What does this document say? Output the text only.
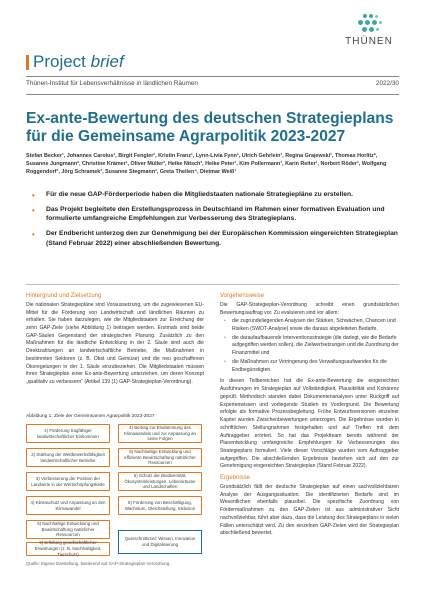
THÜNEN
Project brief
Thünen-Institut für Lebensverhältnisse in ländlichen Räumen	2022/30
Ex-ante-Bewertung des deutschen Strategieplans
für die Gemeinsame Agrarpolitik 2023-2027
Stefan Becker¹, Johannes Carolus¹, Birgit Fengler¹, Kristin Franz¹, Lynn-Livia Fynn¹, Ulrich Gehrlein¹, Regina Grajewski¹, Thomas Horlitz², Susanne Jungmann², Christine Krämer¹, Oliver Müller³, Heike Nitsch³, Heike Peter¹, Kim Pollermann¹, Karin Reiter¹, Norbert Röder¹, Wolfgang Roggendorf¹, Jörg Schramek³, Susanne Stegmann¹, Greta Theilen⁴, Dietmar Weiß¹
• Für die neue GAP-Förderperiode haben die Mitgliedstaaten nationale Strategiepläne zu erstellen.
• Das Projekt begleitete den Erstellungsprozess in Deutschland im Rahmen einer formativen Evaluation und formulierte umfangreiche Empfehlungen zur Verbesserung des Strategieplans.
• Der Endbericht unterzog den zur Genehmigung bei der Europäischen Kommission eingereichten Strategieplan (Stand Februar 2022) einer abschließenden Bewertung.
Hintergrund und Zielsetzung

Die nationalen Strategiepläne sind Voraussetzung, um die zugewiesenen EU-Mittel für die Förderung von Landwirtschaft und ländlichen Räumen zu erhalten. Sie haben darzulegen, wie die Mitgliedstaaten zur Erreichung der zehn GAP-Ziele (siehe Abbildung 1) beitragen werden. Erstmals sind beide GAP-Säulen Gegenstand der strategischen Planung. Zusätzlich zu den Maßnahmen für die ländliche Entwicklung in der 2. Säule sind auch die Direktzahlungen an landwirtschaftliche Betriebe, die Maßnahmen in bestimmten Sektoren (z. B. Obst und Gemüse) und die neu geschaffenen Ökoregelungen in der 1. Säule einzubeziehen. Die Mitgliedstaaten müssen ihren Strategieplan einer Ex-ante-Bewertung unterziehen, um deren Konzept „qualitativ zu verbessern“ (Artikel 139 (1) GAP-Strategieplan-Verordnung).

Abbildung 1: Ziele der Gemeinsamen Agrarpolitik 2023-2027
1) Förderung tragfähiger landwirtschaftlicher Einkommen
4) Beitrag zur Eindämmung des Klimawandels und zur Anpassung an seine Folgen
2) Stärkung der Wettbewerbsfähigkeit landwirtschaftlicher Betriebe
5) Nachhaltige Entwicklung und effiziente Bewirtschaftung natürlicher Ressourcen
3) Verbesserung der Position der Landwirte in der Wertschöpfungskette
6) Schutz der Biodiversität, Ökosystemleistungen, Lebensräume und Landschaften
4) Klimaschutz und Anpassung an den Klimawandel
8) Förderung von Beschäftigung, Wachstum, Gleichstellung, Inklusion
5) Nachhaltige Entwicklung und Bewirtschaftung natürlicher Ressourcen
9) Erfüllung gesellschaftlicher Erwartungen (z. B. Nachhaltigkeit, Tierschutz)
Querschnittsziel: Wissen, Innovation und Digitalisierung
Quelle: Eigene Darstellung, basierend auf GAP-Strategieplan-Verordnung.
Vorgehensweise

Die GAP-Strategieplan-Verordnung schreibt einen grundsätzlichen Bewertungsauftrag vor. Zu evaluieren sind vor allem:

• die zugrundeliegenden Analysen der Stärken, Schwächen, Chancen und Risiken (SWOT-Analyse) sowie die daraus abgeleiteten Bedarfe,
• die daraufaufbauende Interventionsstrategie (die darlegt, wie die Bedarfe aufgegriffen werden sollen), die Zielwertsetzungen und die Zuordnung der Finanzmittel und
• die Maßnahmen zur Verringerung des Verwaltungsaufwandes für die Endbegünstigten.

In diesen Teilbereichen hat die Ex-ante-Bewertung die eingereichten Ausführungen im Strategieplan auf Vollständigkeit, Plausibilität und Kohärenz geprüft. Methodisch standen dabei Dokumentenanalysen unter Rückgriff auf Expertenwissen und vorliegende Studien im Vordergrund. Die Bewertung erfolgte als formative Prozessbegleitung. Frühe Entwurfsversionen einzelner Kapitel wurden Zwischenbewertungen unterzogen. Die Ergebnisse wurden in schriftlichen Stellungnahmen festgehalten und auf Treffen mit dem Auftraggeber erörtert. So hat das Projektteam bereits während der Planentwicklung umfangreiche Empfehlungen für Verbesserungen des Strategieplans formuliert. Viele dieser Vorschläge wurden vom Auftraggeber aufgegriffen. Die abschließenden Ergebnisse beziehen sich auf den zur Genehmigung eingereichten Strategieplan (Stand Februar 2022).

Ergebnisse

Grundsätzlich fällt der deutsche Strategieplan auf einen sachvollziehbaren Analyse der Ausgangssituation. Die identifizierten Bedarfe sind im Wesentlichen ebenfalls plausibel. Die spezifische Zuordnung von Fördermaßnahmen zu den GAP-Zielen ist aus administrativer Sicht nachvollziehbar, führt aber dazu, dass die Leistung des Strategieplans in vielen Fällen unterschätzt wird. Zu den einzelnen GAP-Zielen wird der Strategieplan abschließend bewertet.
